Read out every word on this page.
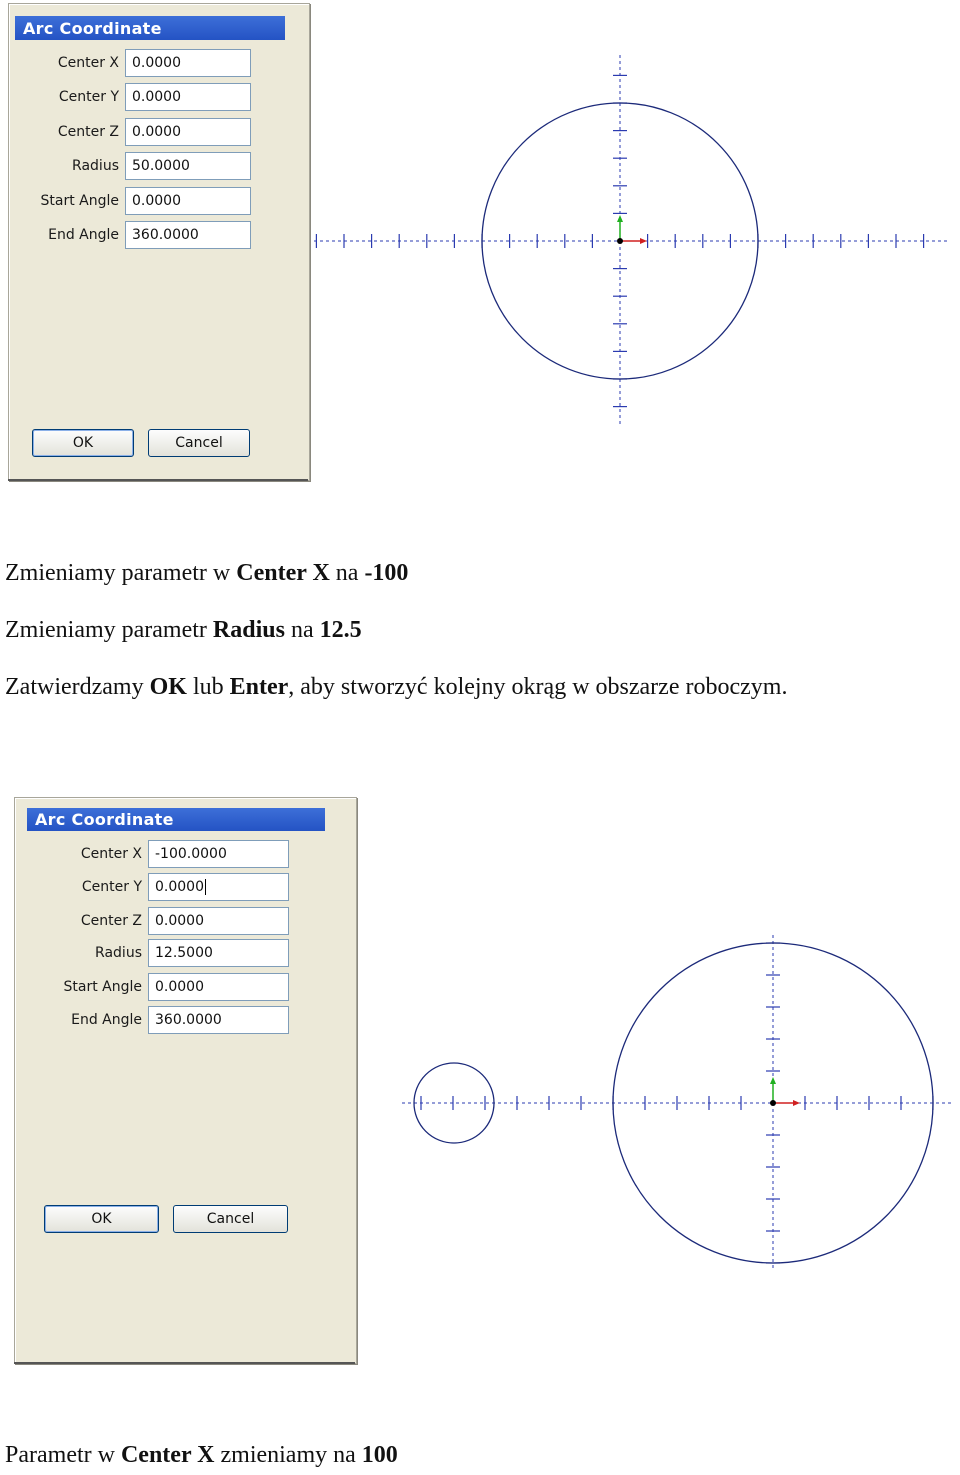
Arc Coordinate
Center X 0.0000
Center Y 0.0000
Center Z 0.0000
Radius 50.0000
Start Angle 0.0000
End Angle 360.0000
OK	Cancel
Zmieniamy parametr w Center X na -100
Zmieniamy parametr Radius na 12.5
Zatwierdzamy OK lub Enter, aby stworzyć kolejny okrąg w obszarze roboczym.
Arc Coordinate
Center X -100.0000
Center Y 0.0000
Center Z 0.0000
Radius 12.5000
Start Angle 0.0000
End Angle 360.0000
OK	Cancel
Parametr w Center X zmieniamy na 100
